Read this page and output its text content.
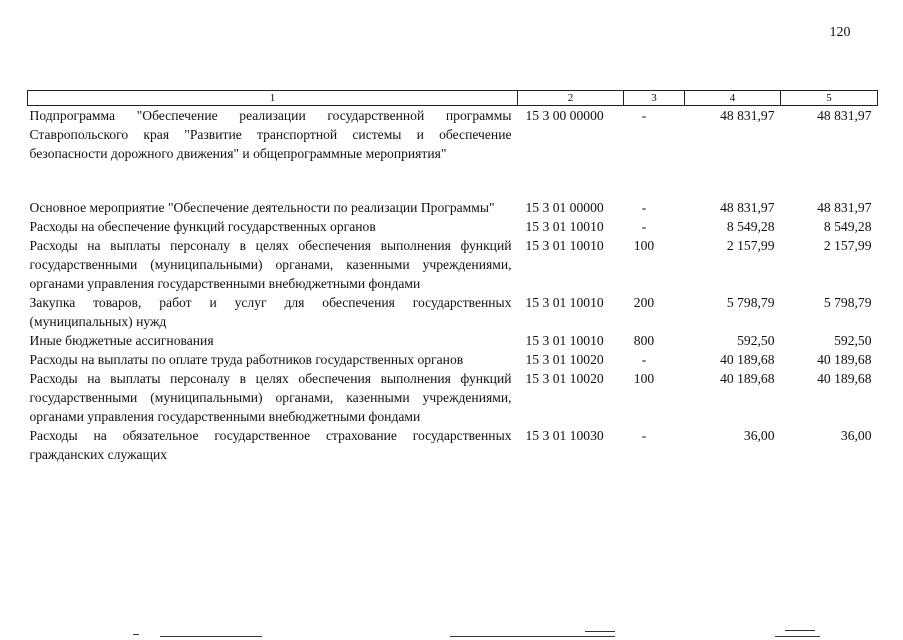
120
1	2	3	4	5
Подпрограмма "Обеспечение реализации государственной программы Ставропольского края "Развитие транспортной системы и обеспечение безопасности дорожного движения" и общепрограммные мероприятия"	15 3 00 00000	-	48 831,97	48 831,97
Основное мероприятие "Обеспечение деятельности по реализации Программы"	15 3 01 00000	-	48 831,97	48 831,97
Расходы на обеспечение функций государственных органов	15 3 01 10010	-	8 549,28	8 549,28
Расходы на выплаты персоналу в целях обеспечения выполнения функций государственными (муниципальными) органами, казенными учреждениями, органами управления государственными внебюджетными фондами	15 3 01 10010	100	2 157,99	2 157,99
Закупка товаров, работ и услуг для обеспечения государственных (муниципальных) нужд	15 3 01 10010	200	5 798,79	5 798,79
Иные бюджетные ассигнования	15 3 01 10010	800	592,50	592,50
Расходы на выплаты по оплате труда работников государственных органов	15 3 01 10020	-	40 189,68	40 189,68
Расходы на выплаты персоналу в целях обеспечения выполнения функций государственными (муниципальными) органами, казенными учреждениями, органами управления государственными внебюджетными фондами	15 3 01 10020	100	40 189,68	40 189,68
Расходы на обязательное государственное страхование государственных гражданских служащих	15 3 01 10030	-	36,00	36,00
